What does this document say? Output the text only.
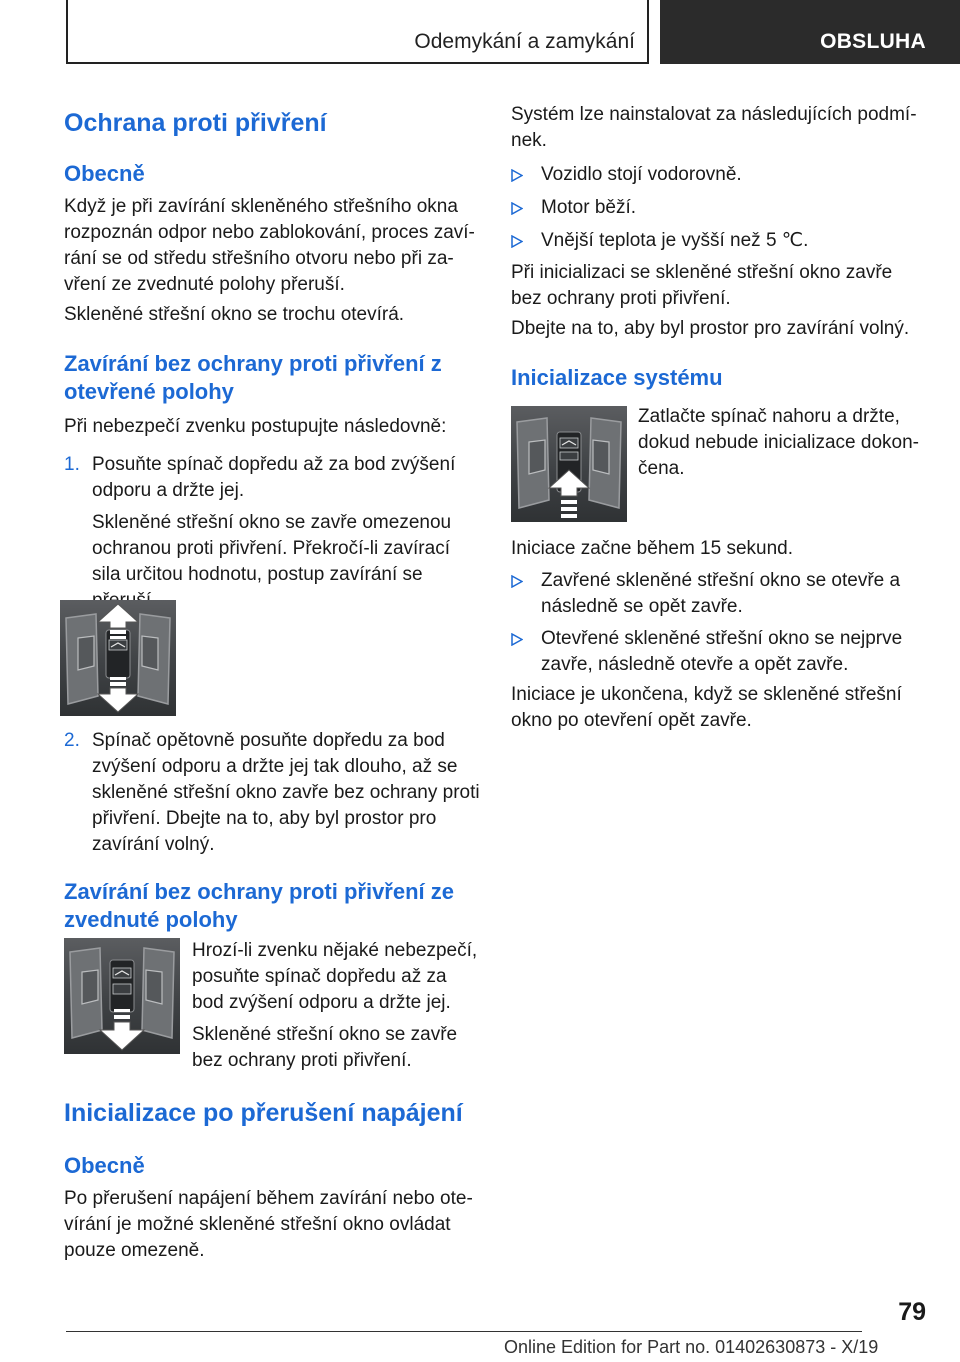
Odemykání a zamykání	OBSLUHA
Ochrana proti přivření
Obecně

Když je při zavírání skleněného střešního okna rozpoznán odpor nebo zablokování, proces zavírání se od středu střešního otvoru nebo při zavření ze zvednuté polohy přeruší.

Skleněné střešní okno se trochu otevírá.

Zavírání bez ochrany proti přivření z otevřené polohy

Při nebezpečí zvenku postupujte následovně:

1. Posuňte spínač dopředu až za bod zvýšení odporu a držte jej.

Skleněné střešní okno se zavře omezenou ochranou proti přivření. Překročí-li zavírací sila určitou hodnotu, postup zavírání se

2. Spínač opětovně posuňte dopředu za bod zvýšení odporu a držte jej tak dlouho, až se skleněné střešní okno zavře bez ochrany proti přivření. Dbejte na to, aby byl prostor pro zavírání volný.
Zavírání bez ochrany proti přivření ze zvednuté polohy

Hrozí-li zvenku nějaké nebezpečí, posuňte spínač dopředu až za bod zvýšení odporu a držte jej.

Skleněné střešní okno se zavře bez ochrany proti přivření.

Inicializace po přerušení napájení
Obecně

Po přerušení napájení během zavírání nebo otevírání je možné skleněné střešní okno ovládat pouze omezeně.

Systém lze nainstalovat za následujících podmínek.

Vozidlo stojí vodorovně.
Motor běží.
Vnější teplota je vyšší než 5 ℃.

Při inicializaci se skleněné střešní okno zavře bez ochrany proti přivření.

Dbejte na to, aby byl prostor pro zavírání volný.

Inicializace systému

Zatlačte spínač nahoru a držte, dokud nebude inicializace dokončena.

Iniciace začne během 15 sekund.

Zavřené skleněné střešní okno se otevře a následně se opět zavře.
Otevřené skleněné střešní okno se nejprve zavře, následně otevře a opět zavře.

Iniciace je ukončena, když se skleněné střešní okno po otevření opět zavře.

79
Online Edition for Part no. 01402630873 - X/19
